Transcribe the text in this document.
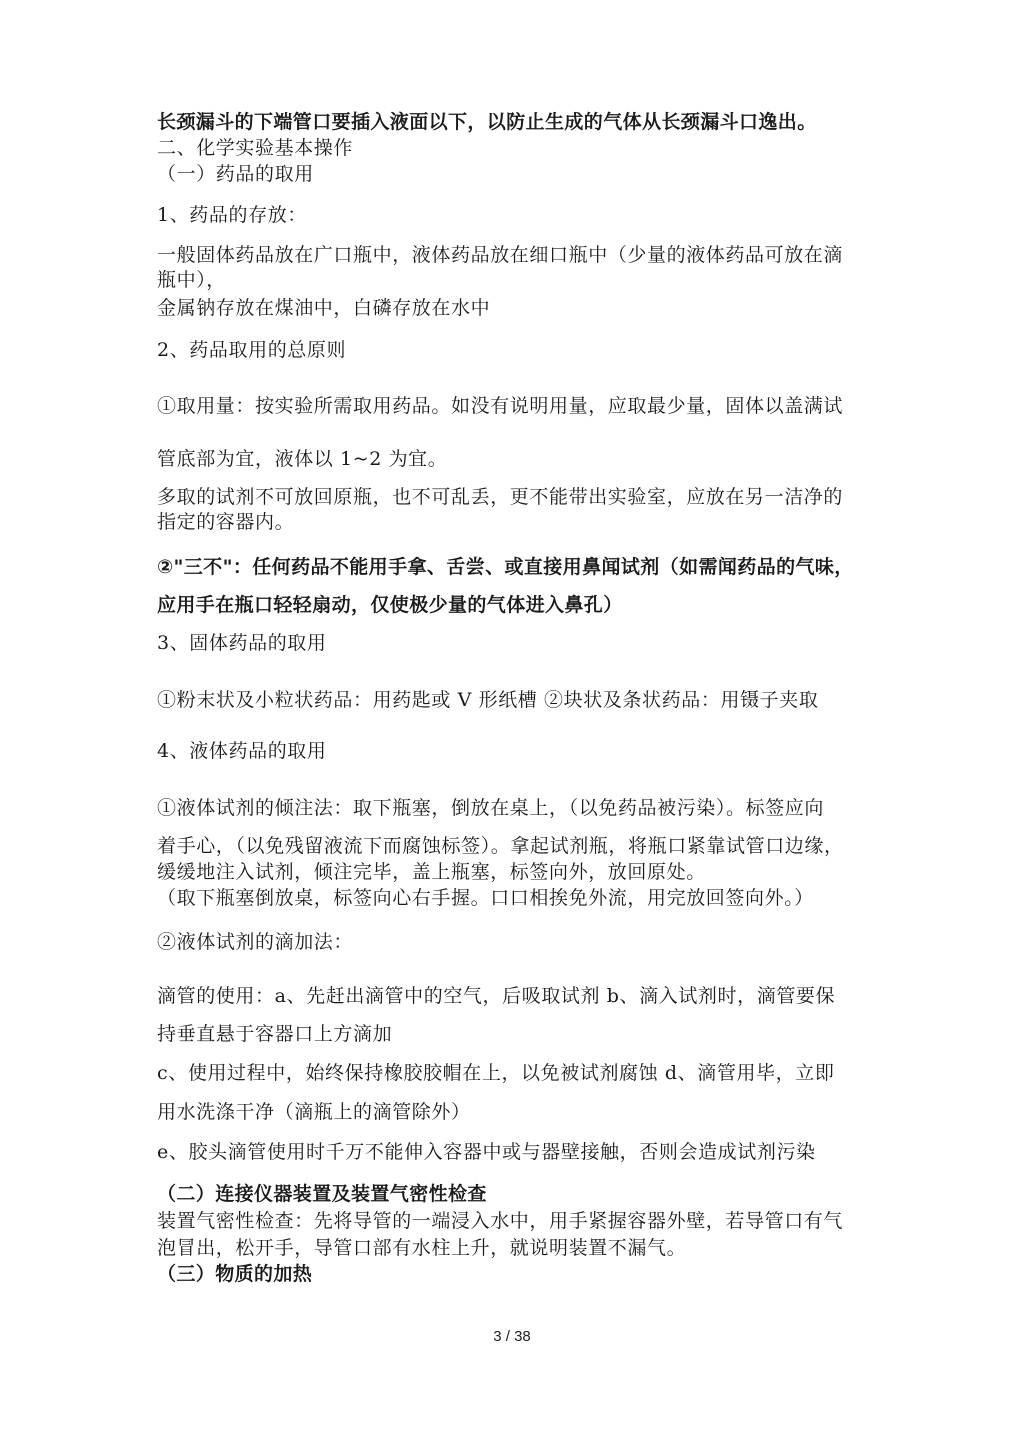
长颈漏斗的下端管口要插入液面以下，以防止生成的气体从长颈漏斗口逸出。
二、化学实验基本操作
（一）药品的取用
1、药品的存放：
一般固体药品放在广口瓶中，液体药品放在细口瓶中（少量的液体药品可放在滴
瓶中），
金属钠存放在煤油中，白磷存放在水中
2、药品取用的总原则
①取用量：按实验所需取用药品。如没有说明用量，应取最少量，固体以盖满试
管底部为宜，液体以 1~2 为宜。
多取的试剂不可放回原瓶，也不可乱丢，更不能带出实验室，应放在另一洁净的
指定的容器内。
②"三不"：任何药品不能用手拿、舌尝、或直接用鼻闻试剂（如需闻药品的气味，
应用手在瓶口轻轻扇动，仅使极少量的气体进入鼻孔）
3、固体药品的取用
①粉末状及小粒状药品：用药匙或 V 形纸槽 ②块状及条状药品：用镊子夹取
4、液体药品的取用
①液体试剂的倾注法：取下瓶塞，倒放在桌上，（以免药品被污染）。标签应向
着手心，（以免残留液流下而腐蚀标签）。拿起试剂瓶，将瓶口紧靠试管口边缘，
缓缓地注入试剂，倾注完毕，盖上瓶塞，标签向外，放回原处。
（取下瓶塞倒放桌，标签向心右手握。口口相挨免外流，用完放回签向外。）
②液体试剂的滴加法：
滴管的使用：a、先赶出滴管中的空气，后吸取试剂 b、滴入试剂时，滴管要保
持垂直悬于容器口上方滴加
c、使用过程中，始终保持橡胶胶帽在上，以免被试剂腐蚀 d、滴管用毕，立即
用水洗涤干净（滴瓶上的滴管除外）
e、胶头滴管使用时千万不能伸入容器中或与器壁接触，否则会造成试剂污染
（二）连接仪器装置及装置气密性检查
装置气密性检查：先将导管的一端浸入水中，用手紧握容器外壁，若导管口有气
泡冒出，松开手，导管口部有水柱上升，就说明装置不漏气。
（三）物质的加热
3 / 38
